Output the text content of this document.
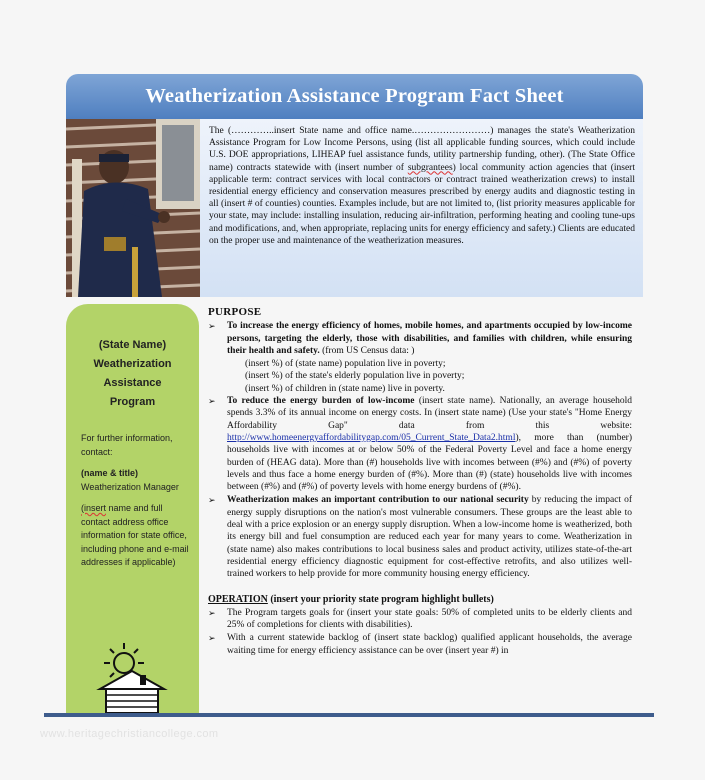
Weatherization Assistance Program Fact Sheet
The (…………..insert State name and office name.……………………) manages the state's Weatherization Assistance Program for Low Income Persons, using (list all applicable funding sources, which could include U.S. DOE appropriations, LIHEAP fuel assistance funds, utility partnership funding, other). (The State Office name) contracts statewide with (insert number of subgrantees) local community action agencies that (insert applicable term: contract services with local contractors or contract trained weatherization crews) to install residential energy efficiency and conservation measures prescribed by energy audits and diagnostic testing in all (insert # of counties) counties. Examples include, but are not limited to, (list priority measures applicable for your state, may include: installing insulation, reducing air-infiltration, performing heating and cooling tune-ups and modifications, and, when appropriate, replacing units for energy efficiency and safety.) Clients are educated on the proper use and maintenance of the weatherization measures.
(State Name)
Weatherization
Assistance
Program

For further information, contact:

(name & title)
Weatherization Manager

(insert name and full contact address office information for state office, including phone and e-mail addresses if applicable)

PURPOSE
➢ To increase the energy efficiency of homes, mobile homes, and apartments occupied by low-income persons, targeting the elderly, those with disabilities, and families with children, while ensuring their health and safety. (from US Census data: )
(insert %) of (state name) population live in poverty;
(insert %) of the state's elderly population live in poverty;
(insert %) of children in (state name) live in poverty.
➢ To reduce the energy burden of low-income (insert state name). Nationally, an average household spends 3.3% of its annual income on energy costs. In (insert state name) (Use your state's "Home Energy Affordability Gap" data from this website: http://www.homeenergyaffordabilitygap.com/05_Current_State_Data2.html), more than (number) households live with incomes at or below 50% of the Federal Poverty Level and face a home energy burden of (HEAG data). More than (#) households live with incomes between (#%) and (#%) of poverty levels and thus face a home energy burden of (#%). More than (#) (state) households live with incomes between (#%) and (#%) of poverty levels with home energy burdens of (#%).
➢ Weatherization makes an important contribution to our national security by reducing the impact of energy supply disruptions on the nation's most vulnerable consumers. These groups are the least able to deal with a price explosion or an energy supply disruption. When a low-income home is weatherized, both its energy bill and fuel consumption are reduced each year for many years to come. Weatherization in (state name) also makes contributions to local business sales and product activity, utilizes state-of-the-art residential energy efficiency diagnostic equipment for cost-effective retrofits, and also utilizes well-trained workers to help provide for more community housing energy efficiency.
OPERATION (insert your priority state program highlight bullets)
➢ The Program targets goals for (insert your state goals: 50% of completed units to be elderly clients and 25% of completions for clients with disabilities).
➢ With a current statewide backlog of (insert state backlog) qualified applicant households, the average waiting time for energy efficiency assistance can be over (insert year #) in
www.heritagechristiancollege.com
